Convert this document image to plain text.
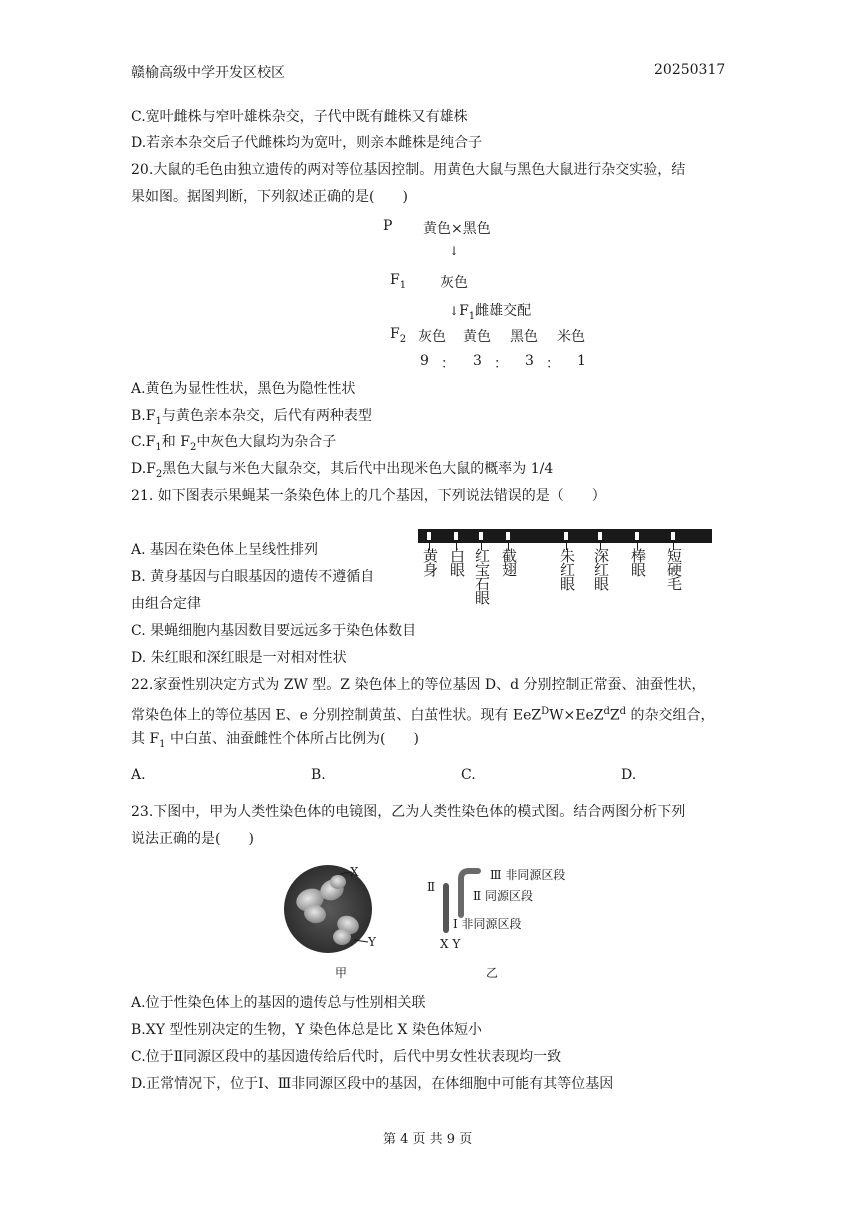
赣榆高级中学开发区校区	20250317
C.宽叶雌株与窄叶雄株杂交，子代中既有雌株又有雄株
D.若亲本杂交后子代雌株均为宽叶，则亲本雌株是纯合子
20.大鼠的毛色由独立遗传的两对等位基因控制。用黄色大鼠与黑色大鼠进行杂交实验，结
果如图。据图判断，下列叙述正确的是(　　)
P 黄色×黑色
↓
$F_1$ 灰色
$↓F_1$雌雄交配
$F_2$ 灰色 黄色 黑色 米色
9 ： 3 ： 3 ： 1
A.黄色为显性性状，黑色为隐性性状
$B.F_1$与黄色亲本杂交，后代有两种表型
$C.F_1$和 $F_2$中灰色大鼠均为杂合子
$D.F_2$黑色大鼠与米色大鼠杂交，其后代中出现米色大鼠的概率为 1/4
21. 如下图表示果蝇某一条染色体上的几个基因，下列说法错误的是（　　）
A. 基因在染色体上呈线性排列
B. 黄身基因与白眼基因的遗传不遵循自
由组合定律
C. 果蝇细胞内基因数目要远远多于染色体数目
D. 朱红眼和深红眼是一对相对性状
黄身 白眼 红宝石眼 截翅	朱红眼 深红眼 棒眼 短硬毛
22.家蚕性别决定方式为 ZW 型。Z 染色体上的等位基因 D、d 分别控制正常蚕、油蚕性状，
常染色体上的等位基因 E、e 分别控制黄茧、白茧性状。现有 $EeZ^DW\times EeZ^dZ^d$ 的杂交组合，
其 $F_1$ 中白茧、油蚕雌性个体所占比例为(　　)
A.	B.	C.	D.
23.下图中，甲为人类性染色体的电镜图，乙为人类性染色体的模式图。结合两图分析下列
说法正确的是(　　)
X
Y
甲
Ⅱ
Ⅲ 非同源区段
Ⅱ 同源区段
Ⅰ 非同源区段
X Y
乙
A.位于性染色体上的基因的遗传总与性别相关联
B.XY 型性别决定的生物，Y 染色体总是比 X 染色体短小
C.位于Ⅱ同源区段中的基因遗传给后代时，后代中男女性状表现均一致
D.正常情况下，位于Ⅰ、Ⅲ非同源区段中的基因，在体细胞中可能有其等位基因
第 4 页 共 9 页
